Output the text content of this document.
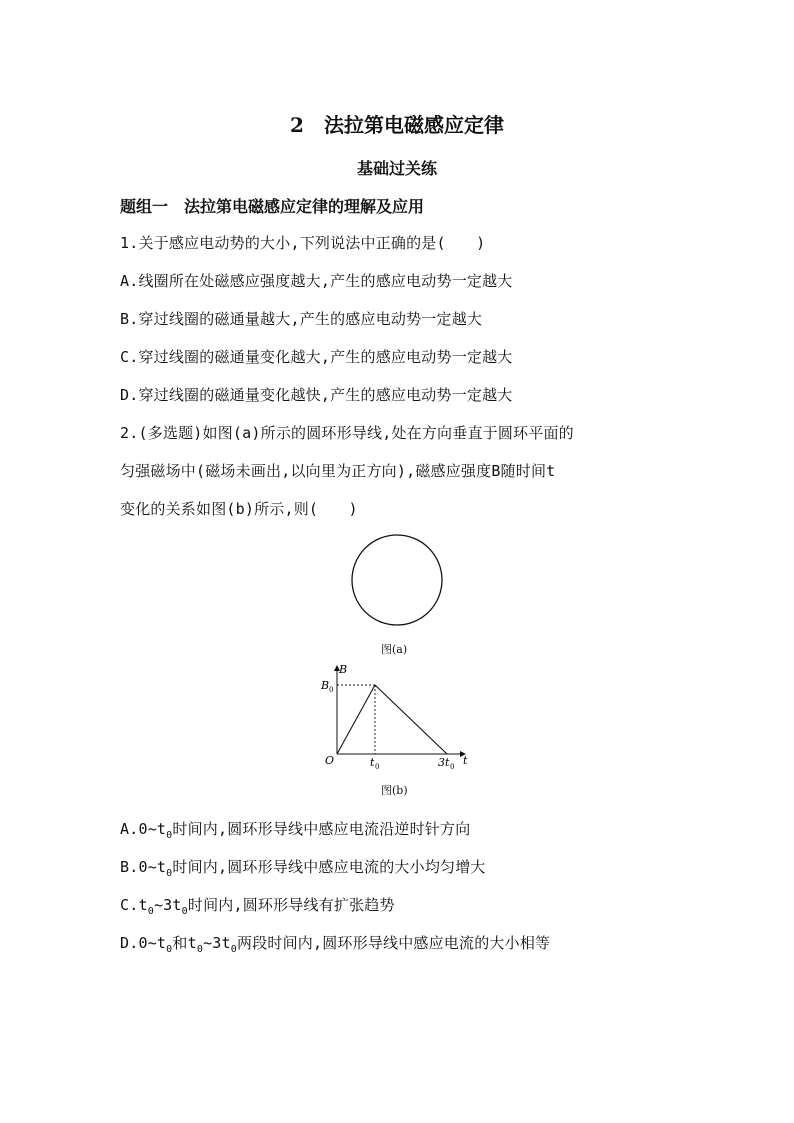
2　法拉第电磁感应定律
基础过关练
题组一　法拉第电磁感应定律的理解及应用
1.关于感应电动势的大小,下列说法中正确的是(　　)
A.线圈所在处磁感应强度越大,产生的感应电动势一定越大
B.穿过线圈的磁通量越大,产生的感应电动势一定越大
C.穿过线圈的磁通量变化越大,产生的感应电动势一定越大
D.穿过线圈的磁通量变化越快,产生的感应电动势一定越大
2.(多选题)如图(a)所示的圆环形导线,处在方向垂直于圆环平面的
匀强磁场中(磁场未画出,以向里为正方向),磁感应强度B随时间t
变化的关系如图(b)所示,则(　　)
图(a)
B
t
O
B 0
t 0	3t 0
图(b)
$A.0\sim t_0$时间内,圆环形导线中感应电流沿逆时针方向
$B.0\sim t_0$时间内,圆环形导线中感应电流的大小均匀增大
$C.t_0\sim 3t_0$时间内,圆环形导线有扩张趋势
$D.0\sim t_0$和$t_0\sim 3t_0$两段时间内,圆环形导线中感应电流的大小相等
